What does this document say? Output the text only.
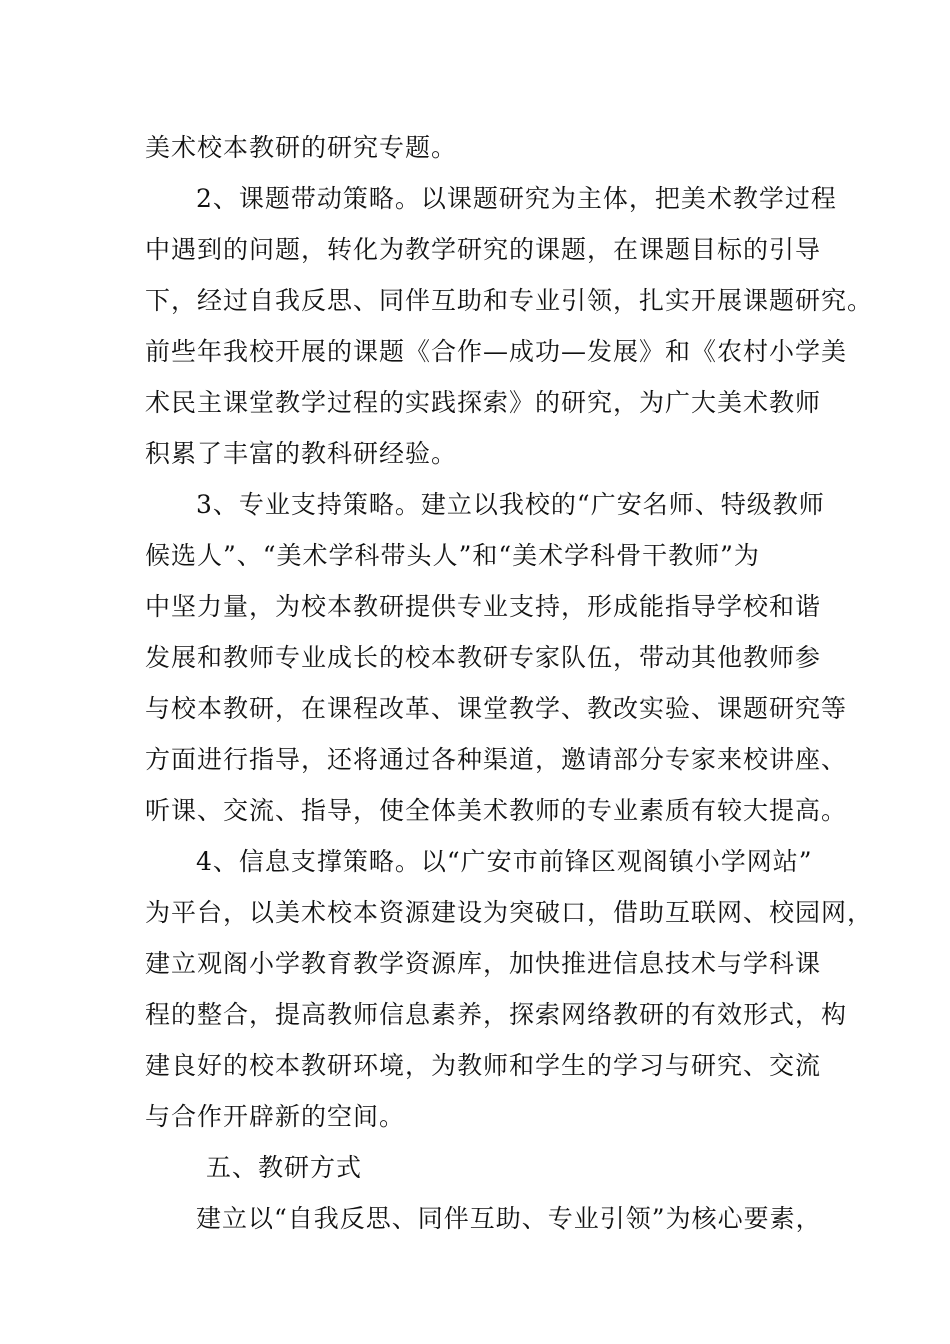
美术校本教研的研究专题。
2、课题带动策略。以课题研究为主体，把美术教学过程
中遇到的问题，转化为教学研究的课题，在课题目标的引导
下，经过自我反思、同伴互助和专业引领，扎实开展课题研究。
前些年我校开展的课题《合作—成功—发展》和《农村小学美
术民主课堂教学过程的实践探索》的研究，为广大美术教师
积累了丰富的教科研经验。
3、专业支持策略。建立以我校的“广安名师、特级教师
候选人”、“美术学科带头人”和“美术学科骨干教师”为
中坚力量，为校本教研提供专业支持，形成能指导学校和谐
发展和教师专业成长的校本教研专家队伍，带动其他教师参
与校本教研，在课程改革、课堂教学、教改实验、课题研究等
方面进行指导，还将通过各种渠道，邀请部分专家来校讲座、
听课、交流、指导，使全体美术教师的专业素质有较大提高。
4、信息支撑策略。以“广安市前锋区观阁镇小学网站”
为平台，以美术校本资源建设为突破口，借助互联网、校园网，
建立观阁小学教育教学资源库，加快推进信息技术与学科课
程的整合，提高教师信息素养，探索网络教研的有效形式，构
建良好的校本教研环境，为教师和学生的学习与研究、交流
与合作开辟新的空间。
五、教研方式
建立以“自我反思、同伴互助、专业引领”为核心要素，
